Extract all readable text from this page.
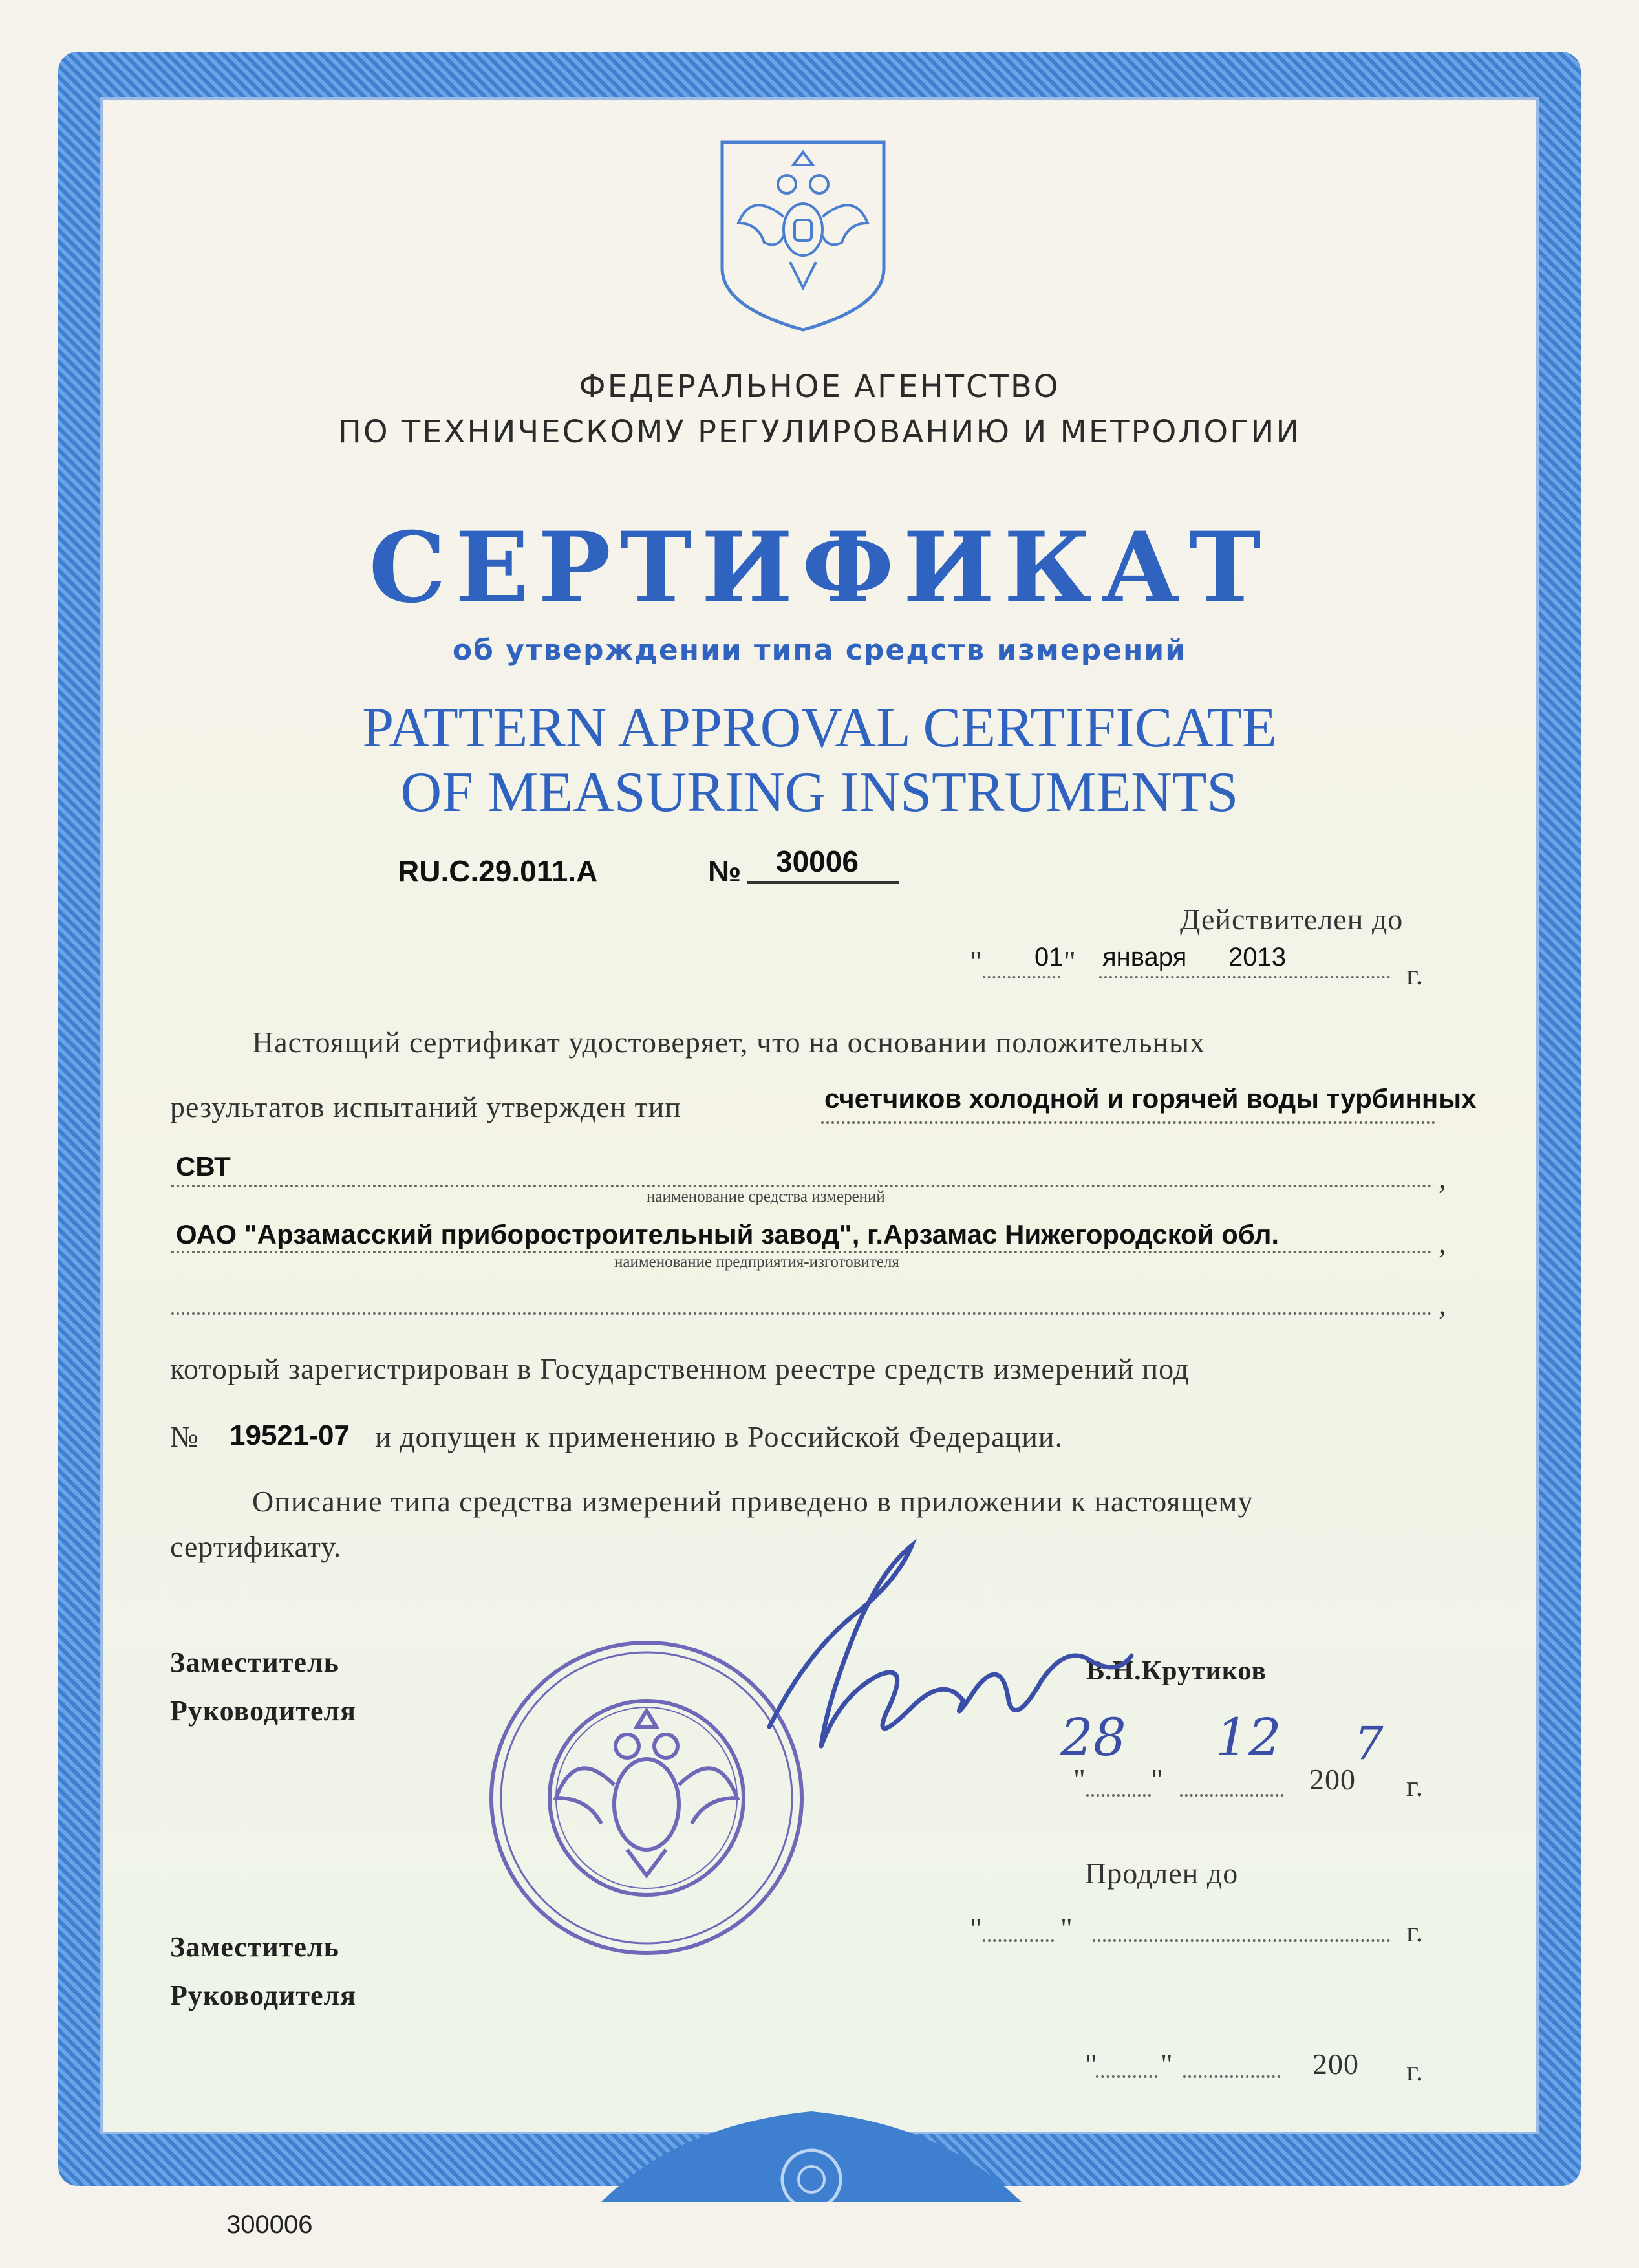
ФЕДЕРАЛЬНОЕ АГЕНТСТВО
ПО ТЕХНИЧЕСКОМУ РЕГУЛИРОВАНИЮ И МЕТРОЛОГИИ
СЕРТИФИКАТ
об утверждении типа средств измерений
PATTERN APPROVAL CERTIFICATE
OF MEASURING INSTRUMENTS
RU.C.29.011.A	№ 30006
Действителен до
" 01 " января 2013
г.
Настоящий сертификат удостоверяет, что на основании положительных
результатов испытаний утвержден тип	счетчиков холодной и горячей воды турбинных
СВТ	,
наименование средства измерений
ОАО "Арзамасский приборостроительный завод", г.Арзамас Нижегородской обл.	,
наименование предприятия-изготовителя
,
который зарегистрирован в Государственном реестре средств измерений под
№ 19521-07 и допущен к применению в Российской Федерации.
Описание типа средства измерений приведено в приложении к настоящему
сертификату.
Заместитель
Руководителя
В.Н.Крутиков
28
" "
12
200
7
г.
Продлен до
"	"	г.
Заместитель
Руководителя
" "	200 г.
300006
